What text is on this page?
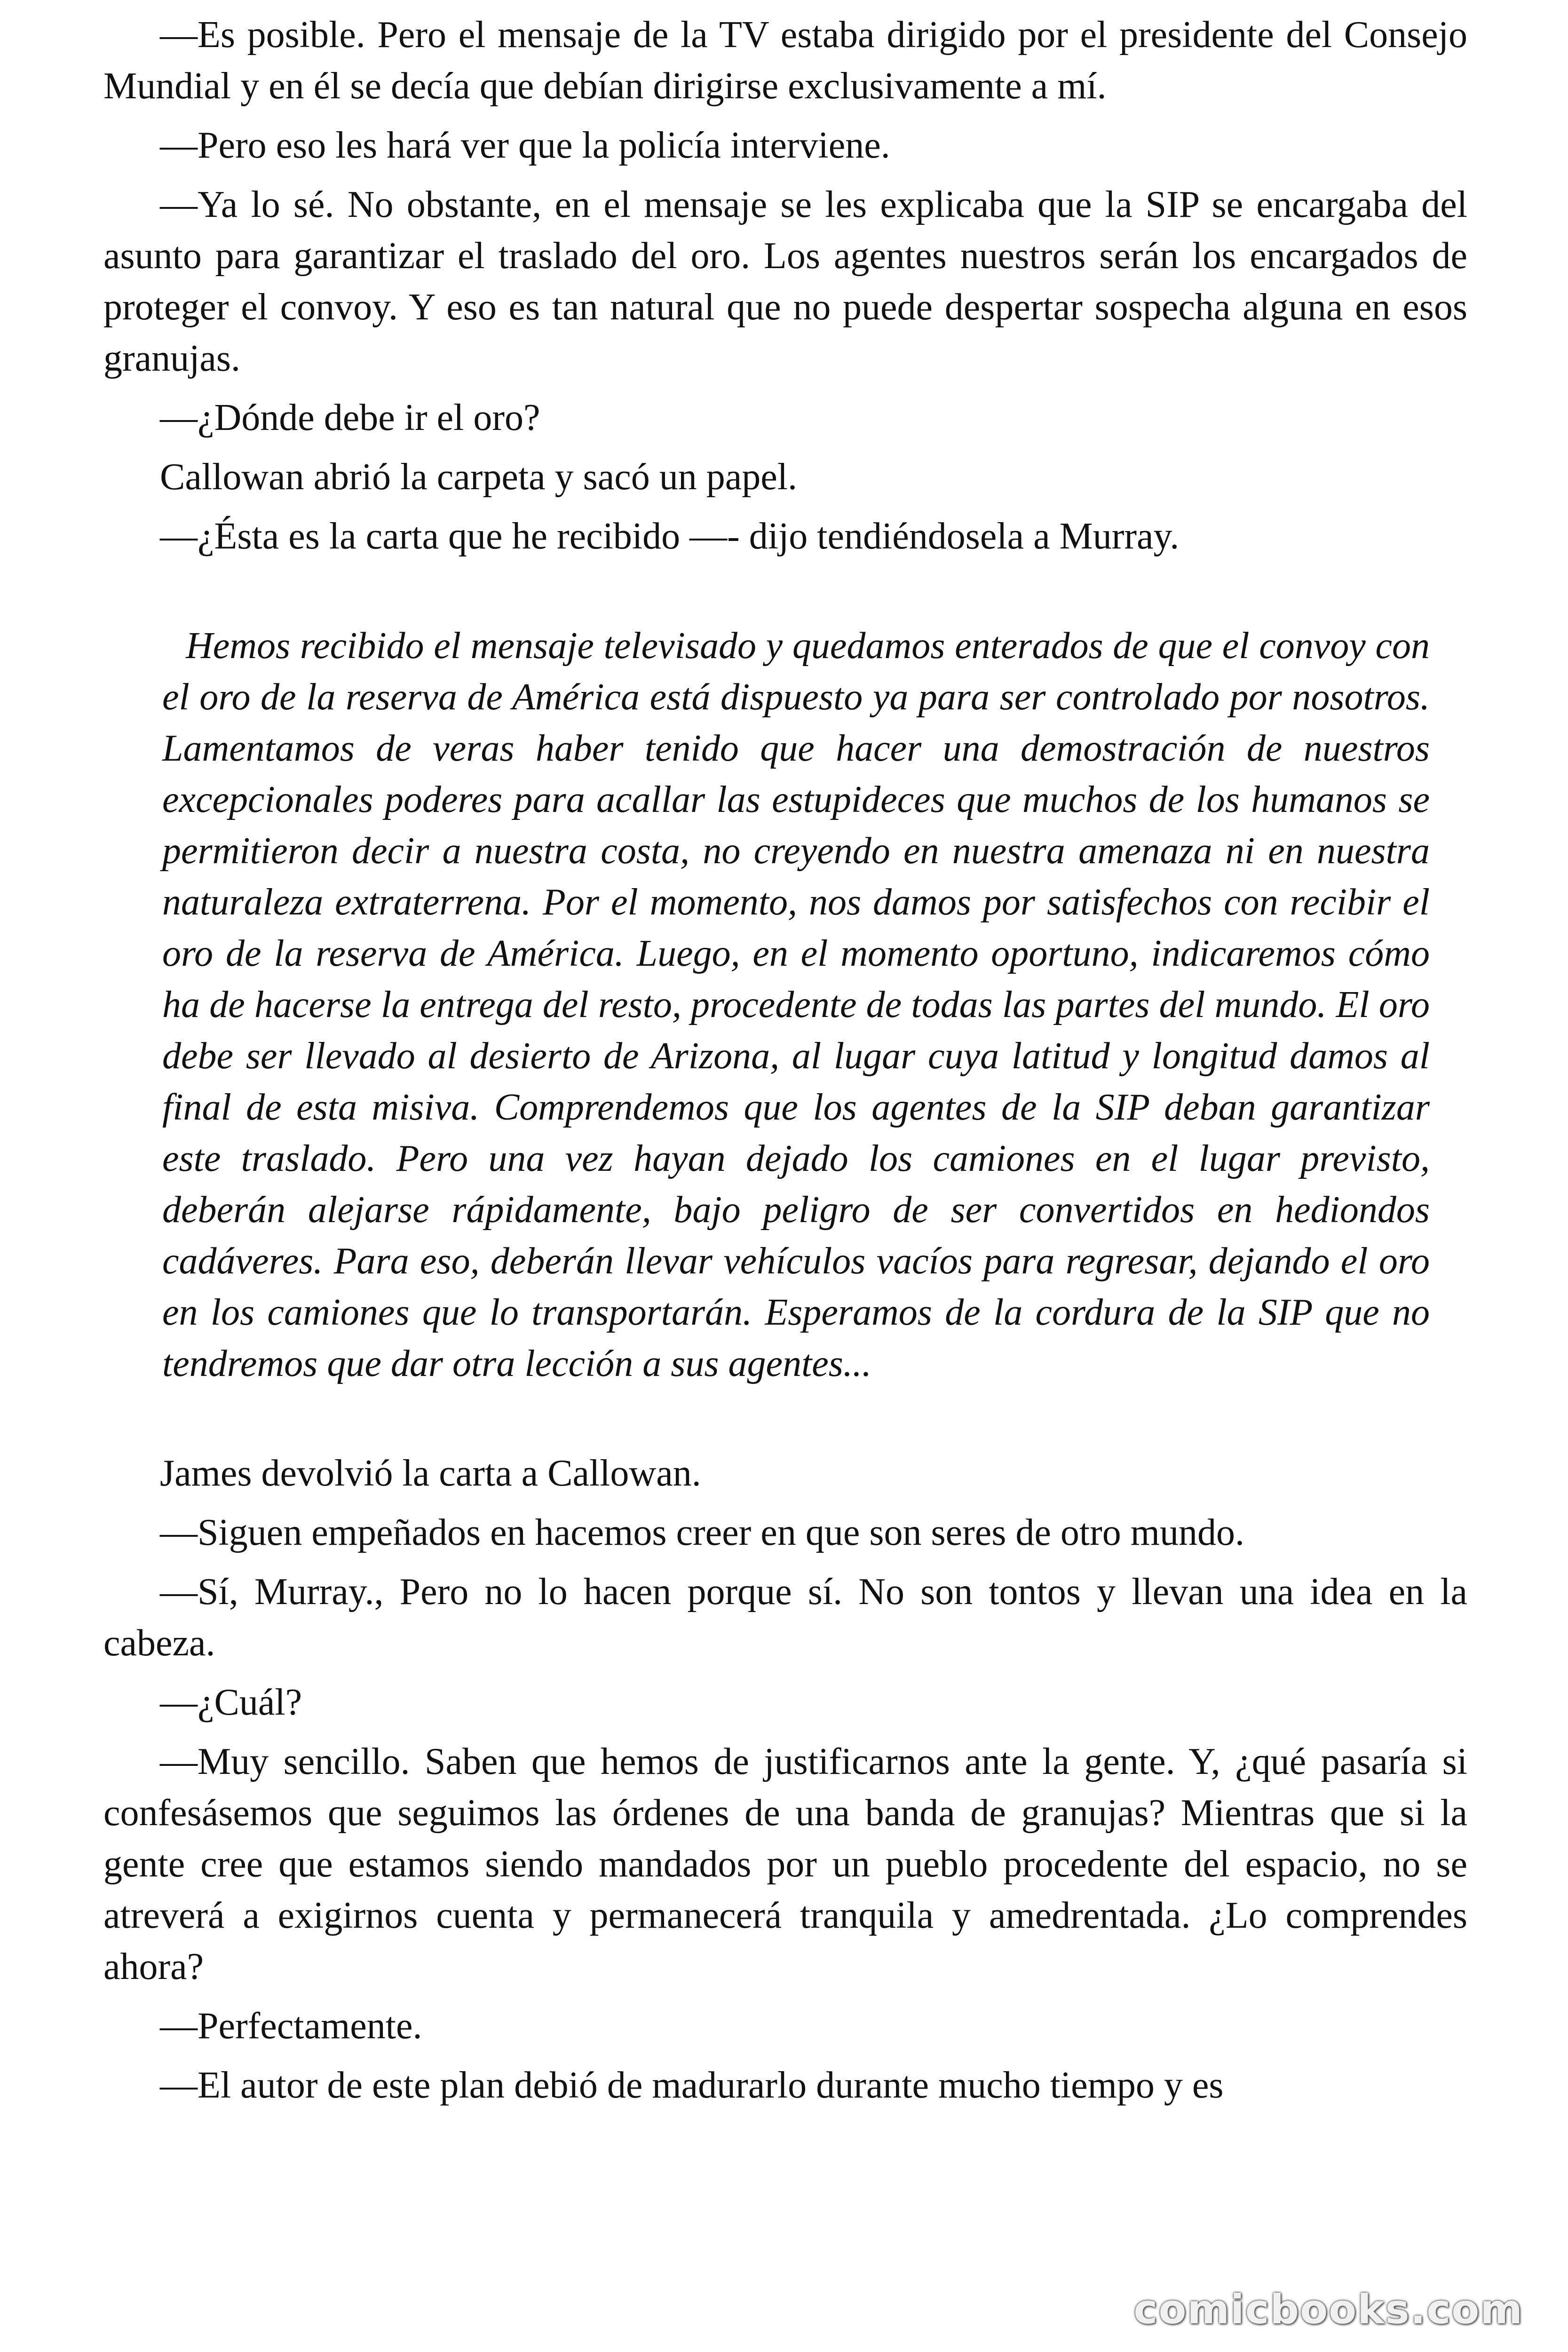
—Es posible. Pero el mensaje de la TV estaba dirigido por el presidente del Consejo Mundial y en él se decía que debían dirigirse exclusivamente a mí.

—Pero eso les hará ver que la policía interviene.

—Ya lo sé. No obstante, en el mensaje se les explicaba que la SIP se encargaba del asunto para garantizar el traslado del oro. Los agentes nuestros serán los encargados de proteger el convoy. Y eso es tan natural que no puede despertar sospecha alguna en esos granujas.

—¿Dónde debe ir el oro?

Callowan abrió la carpeta y sacó un papel.

—¿Ésta es la carta que he recibido —- dijo tendiéndosela a Murray.

Hemos recibido el mensaje televisado y quedamos enterados de que el convoy con el oro de la reserva de América está dispuesto ya para ser controlado por nosotros. Lamentamos de veras haber tenido que hacer una demostración de nuestros excepcionales poderes para acallar las estupideces que muchos de los humanos se permitieron decir a nuestra costa, no creyendo en nuestra amenaza ni en nuestra naturaleza extraterrena. Por el momento, nos damos por satisfechos con recibir el oro de la reserva de América. Luego, en el momento oportuno, indicaremos cómo ha de hacerse la entrega del resto, procedente de todas las partes del mundo. El oro debe ser llevado al desierto de Arizona, al lugar cuya latitud y longitud damos al final de esta misiva. Comprendemos que los agentes de la SIP deban garantizar este traslado. Pero una vez hayan dejado los camiones en el lugar previsto, deberán alejarse rápidamente, bajo peligro de ser convertidos en hediondos cadáveres. Para eso, deberán llevar vehículos vacíos para regresar, dejando el oro en los camiones que lo transportarán. Esperamos de la cordura de la SIP que no tendremos que dar otra lección a sus agentes...

James devolvió la carta a Callowan.

—Siguen empeñados en hacemos creer en que son seres de otro mundo.

—Sí, Murray., Pero no lo hacen porque sí. No son tontos y llevan una idea en la cabeza.

—¿Cuál?

—Muy sencillo. Saben que hemos de justificarnos ante la gente. Y, ¿qué pasaría si confesásemos que seguimos las órdenes de una banda de granujas? Mientras que si la gente cree que estamos siendo mandados por un pueblo procedente del espacio, no se atreverá a exigirnos cuenta y permanecerá tranquila y amedrentada. ¿Lo comprendes ahora?

—Perfectamente.

—El autor de este plan debió de madurarlo durante mucho tiempo y es

comicbooks.com
